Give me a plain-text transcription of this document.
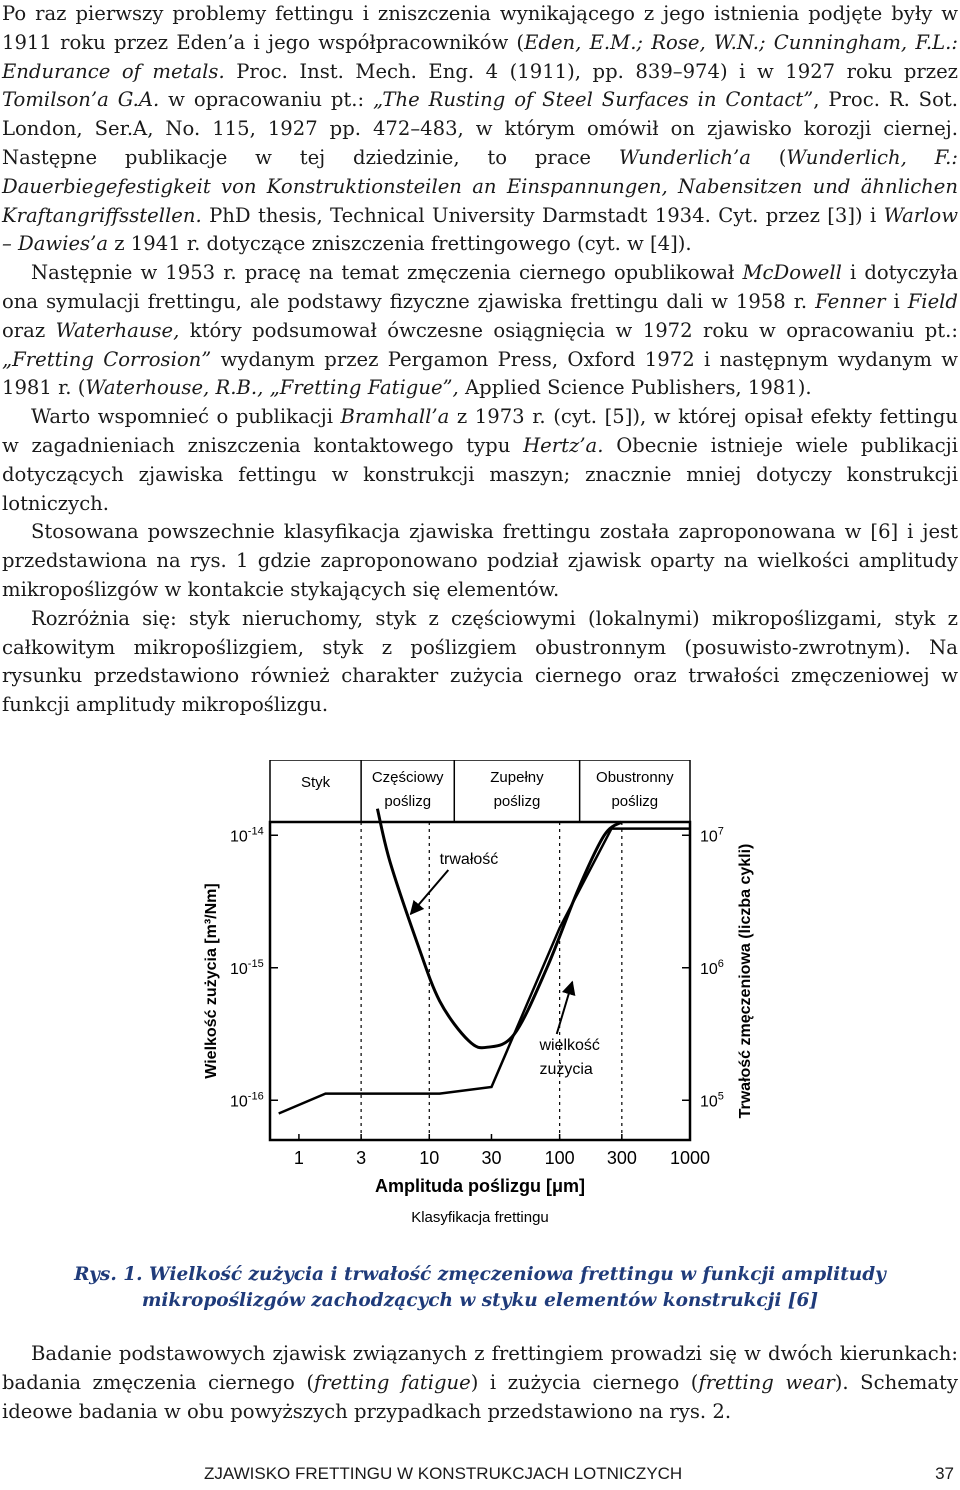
Po raz pierwszy problemy fettingu i zniszczenia wynikającego z jego istnienia podjęte były w 1911 roku przez Eden’a i jego współpracowników (Eden, E.M.; Rose, W.N.; Cunningham, F.L.: Endurance of metals. Proc. Inst. Mech. Eng. 4 (1911), pp. 839–974) i w 1927 roku przez Tomilson’a G.A. w opracowaniu pt.: „The Rusting of Steel Surfaces in Contact”, Proc. R. Sot. London, Ser.A, No. 115, 1927 pp. 472–483, w którym omówił on zjawisko korozji ciernej. Następne publikacje w tej dziedzinie, to prace Wunderlich’a (Wunderlich, F.: Dauerbiegefestigkeit von Konstruktionsteilen an Einspannungen, Nabensitzen und ähnlichen Kraftangriffsstellen. PhD thesis, Technical University Darmstadt 1934. Cyt. przez [3]) i Warlow – Dawies’a z 1941 r. dotyczące zniszczenia frettingowego (cyt. w [4]).

Następnie w 1953 r. pracę na temat zmęczenia ciernego opublikował McDowell i dotyczyła ona symulacji frettingu, ale podstawy fizyczne zjawiska frettingu dali w 1958 r. Fenner i Field oraz Waterhause, który podsumował ówczesne osiągnięcia w 1972 roku w opracowaniu pt.: „Fretting Corrosion” wydanym przez Pergamon Press, Oxford 1972 i następnym wydanym w 1981 r. (Waterhouse, R.B., „Fretting Fatigue”, Applied Science Publishers, 1981).

Warto wspomnieć o publikacji Bramhall’a z 1973 r. (cyt. [5]), w której opisał efekty fettingu w zagadnieniach zniszczenia kontaktowego typu Hertz’a. Obecnie istnieje wiele publikacji dotyczących zjawiska fettingu w konstrukcji maszyn; znacznie mniej dotyczy konstrukcji lotniczych.

Stosowana powszechnie klasyfikacja zjawiska frettingu została zaproponowana w [6] i jest przedstawiona na rys. 1 gdzie zaproponowano podział zjawisk oparty na wielkości amplitudy mikropoślizgów w kontakcie stykających się elementów.

Rozróżnia się: styk nieruchomy, styk z częściowymi (lokalnymi) mikropoślizgami, styk z całkowitym mikropoślizgiem, styk z poślizgiem obustronnym (posuwisto-zwrotnym). Na rysunku przedstawiono również charakter zużycia ciernego oraz trwałości zmęczeniowej w funkcji amplitudy mikropoślizgu.

Styk	Częściowy
poślizg
Zupełny
poślizg
Obustronny
poślizg
$10^{-14}$
$10^{-15}$
$10^{-16}$
$10^7$
$10^6$
$10^5$
Wielkość zużycia [m³/Nm]	Trwałość zmęczeniowa (liczba cykli)
1	3	10 30 100 300 1000
Amplituda poślizgu [μm]
Klasyfikacja frettingu
trwałość
wielkość
zużycia
Rys. 1. Wielkość zużycia i trwałość zmęczeniowa frettingu w funkcji amplitudy
mikropoślizgów zachodzących w styku elementów konstrukcji [6]

Badanie podstawowych zjawisk związanych z frettingiem prowadzi się w dwóch kierunkach: badania zmęczenia ciernego (fretting fatigue) i zużycia ciernego (fretting wear). Schematy ideowe badania w obu powyższych przypadkach przedstawiono na rys. 2.

ZJAWISKO FRETTINGU W KONSTRUKCJACH LOTNICZYCH	37
